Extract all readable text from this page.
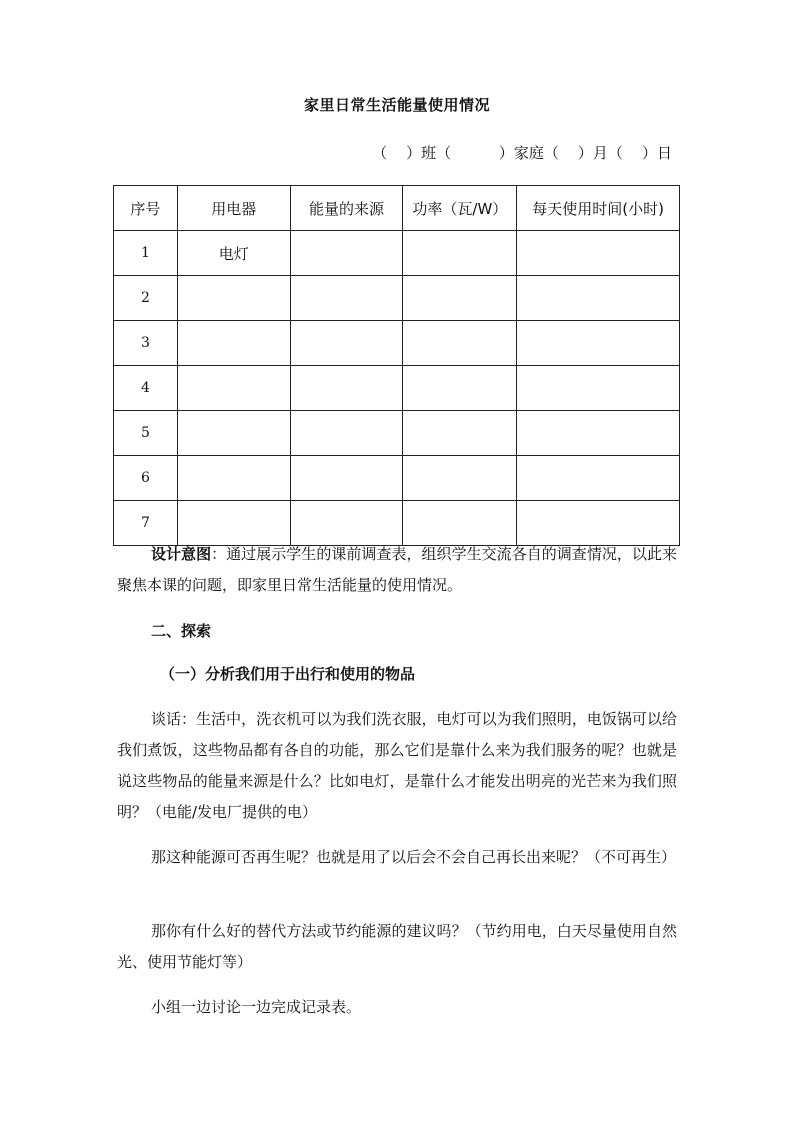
家里日常生活能量使用情况
（    ）班（          ）家庭（    ）月（    ）日
序号	用电器	能量的来源	功率（瓦/W）	每天使用时间(小时)
1	电灯			
2				
3				
4				
5				
6				
7				
设计意图：通过展示学生的课前调查表，组织学生交流各自的调查情况，以此来聚焦本课的问题，即家里日常生活能量的使用情况。
二、探索
（一）分析我们用于出行和使用的物品
谈话：生活中，洗衣机可以为我们洗衣服，电灯可以为我们照明，电饭锅可以给我们煮饭，这些物品都有各自的功能，那么它们是靠什么来为我们服务的呢？也就是说这些物品的能量来源是什么？比如电灯，是靠什么才能发出明亮的光芒来为我们照明？（电能/发电厂提供的电）
那这种能源可否再生呢？也就是用了以后会不会自己再长出来呢？（不可再生）
那你有什么好的替代方法或节约能源的建议吗？（节约用电，白天尽量使用自然光、使用节能灯等）
小组一边讨论一边完成记录表。
